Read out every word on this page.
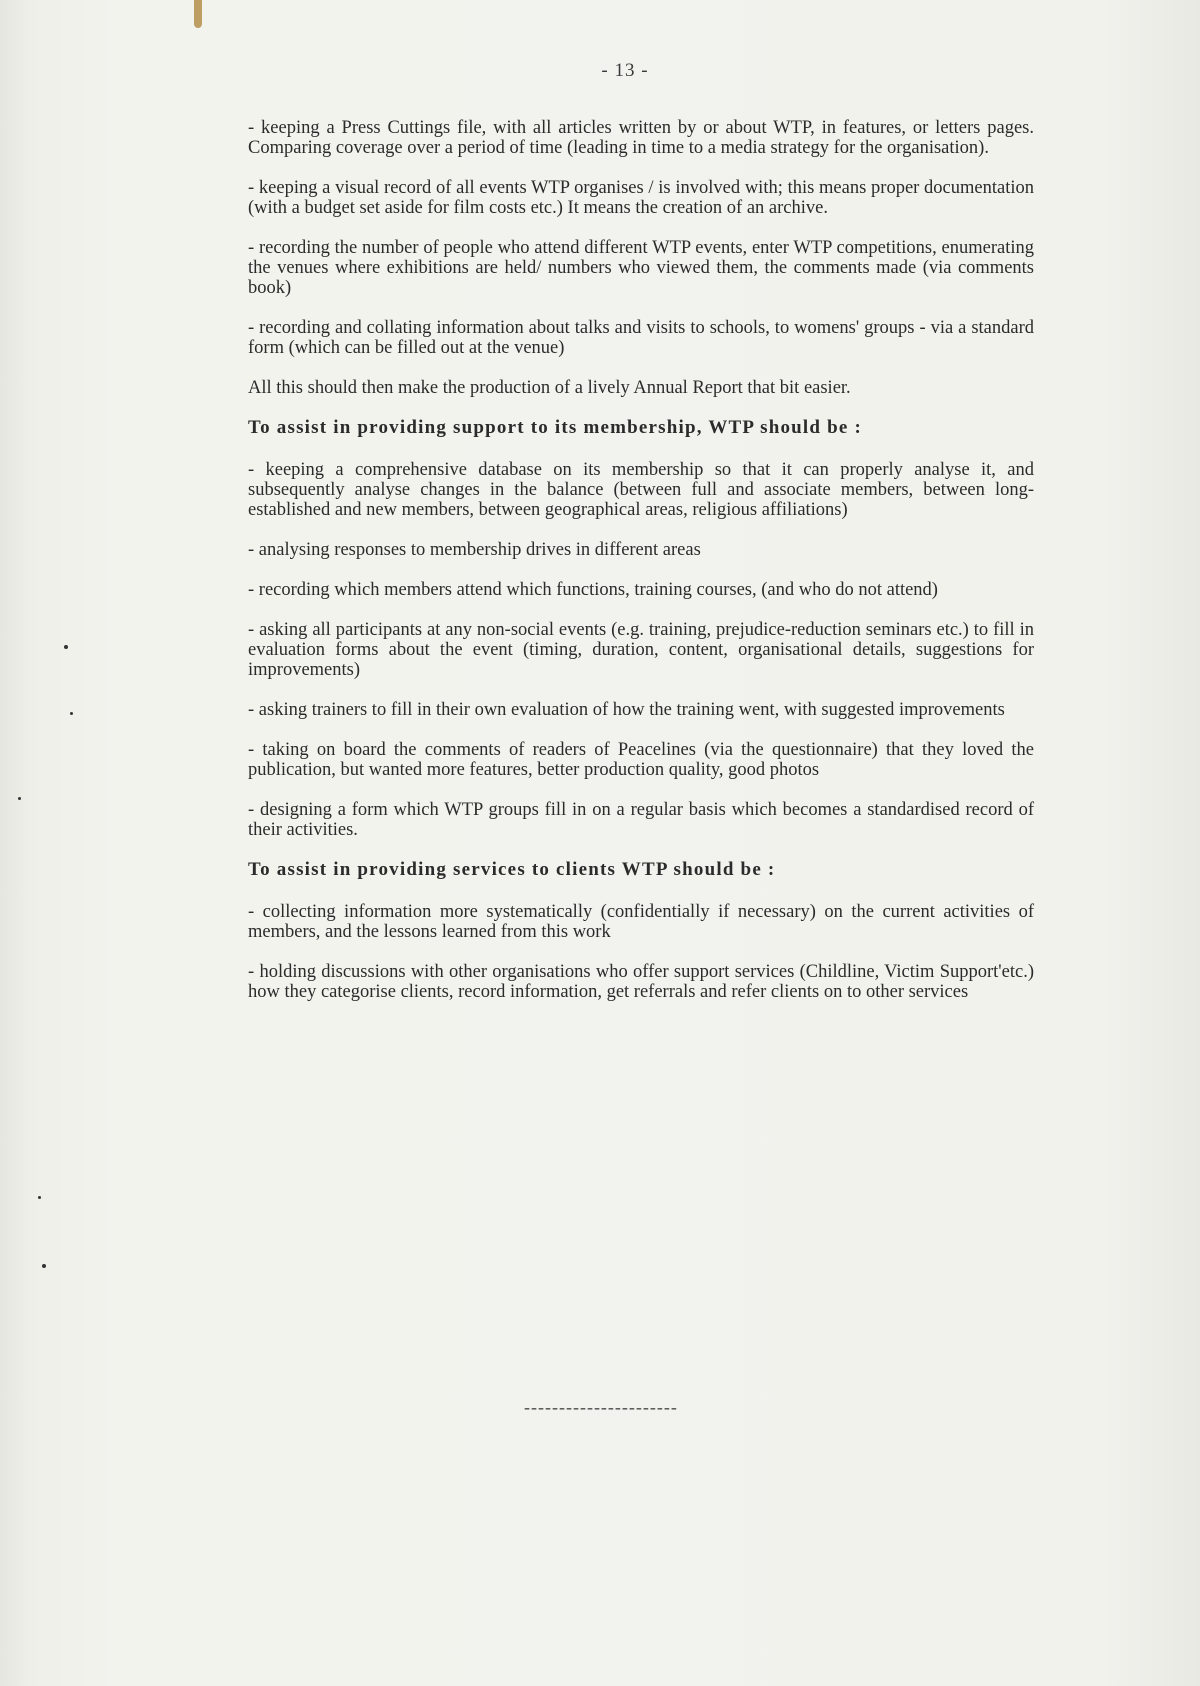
- 13 -

- keeping a Press Cuttings file, with all articles written by or about WTP, in features, or letters pages. Comparing coverage over a period of time (leading in time to a media strategy for the organisation).

- keeping a visual record of all events WTP organises / is involved with; this means proper documentation (with a budget set aside for film costs etc.) It means the creation of an archive.

- recording the number of people who attend different WTP events, enter WTP competitions, enumerating the venues where exhibitions are held/ numbers who viewed them, the comments made (via comments book)

- recording and collating information about talks and visits to schools, to womens' groups - via a standard form (which can be filled out at the venue)

All this should then make the production of a lively Annual Report that bit easier.

To assist in providing support to its membership, WTP should be :

- keeping a comprehensive database on its membership so that it can properly analyse it, and subsequently analyse changes in the balance (between full and associate members, between long-established and new members, between geographical areas, religious affiliations)

- analysing responses to membership drives in different areas

- recording which members attend which functions, training courses, (and who do not attend)

- asking all participants at any non-social events (e.g. training, prejudice-reduction seminars etc.) to fill in evaluation forms about the event (timing, duration, content, organisational details, suggestions for improvements)

- asking trainers to fill in their own evaluation of how the training went, with suggested improvements

- taking on board the comments of readers of Peacelines (via the questionnaire) that they loved the publication, but wanted more features, better production quality, good photos

- designing a form which WTP groups fill in on a regular basis which becomes a standardised record of their activities.

To assist in providing services to clients WTP should be :

- collecting information more systematically (confidentially if necessary) on the current activities of members, and the lessons learned from this work

- holding discussions with other organisations who offer support services (Childline, Victim Support'etc.) how they categorise clients, record information, get referrals and refer clients on to other services

----------------------
